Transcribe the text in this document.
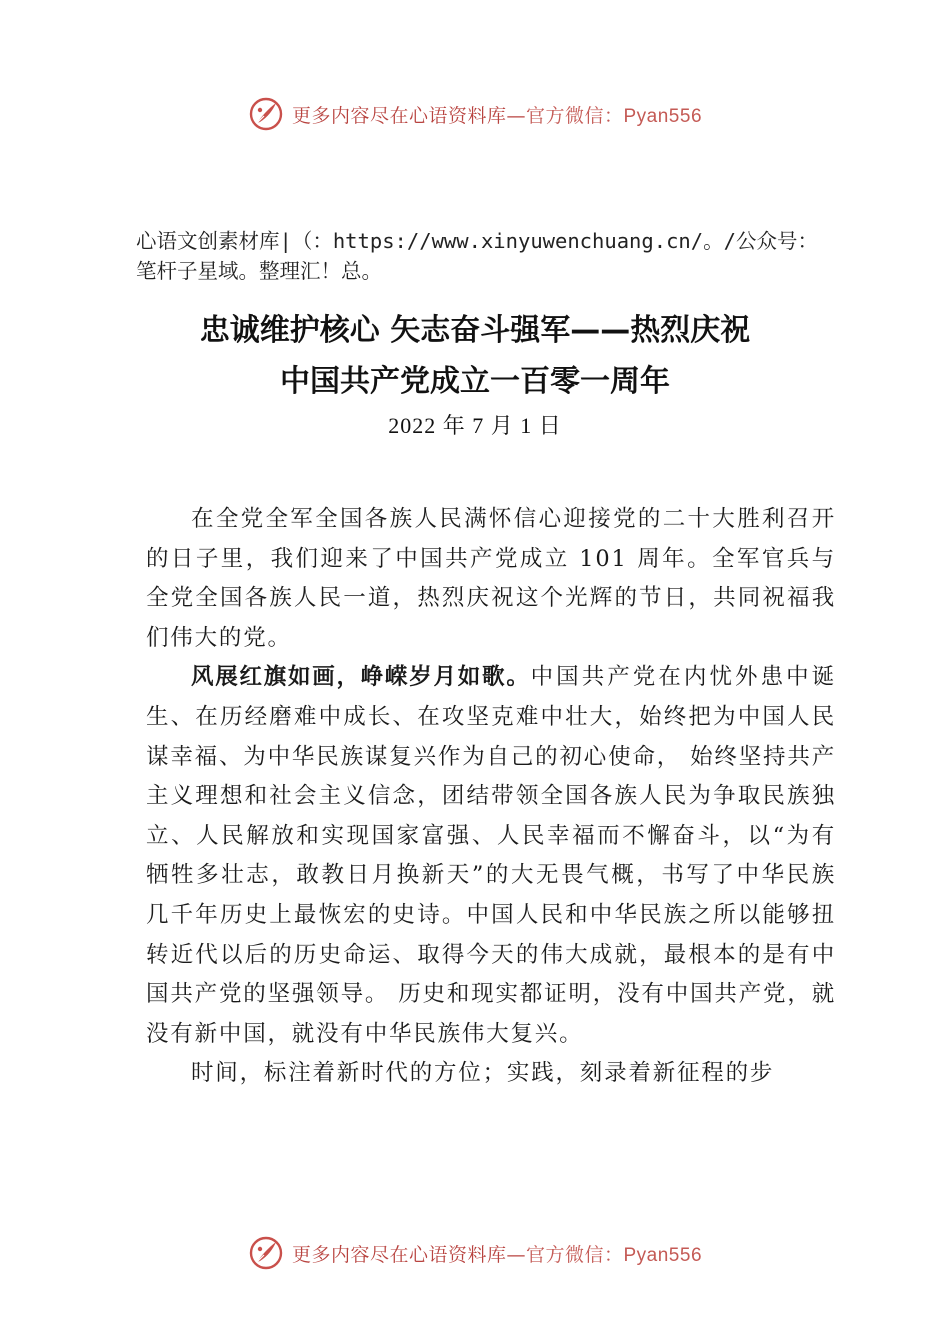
更多内容尽在心语资料库—官方微信：Pyan556
心语文创素材库|（：https://www.xinyuwenchuang.cn/。/公众号：笔杆子星域。整理汇！总。
忠诚维护核心 矢志奋斗强军——热烈庆祝
中国共产党成立一百零一周年
2022 年 7 月 1 日

在全党全军全国各族人民满怀信心迎接党的二十大胜利召开的日子里，我们迎来了中国共产党成立 101 周年。全军官兵与全党全国各族人民一道，热烈庆祝这个光辉的节日，共同祝福我们伟大的党。

风展红旗如画，峥嵘岁月如歌。中国共产党在内忧外患中诞生、在历经磨难中成长、在攻坚克难中壮大，始终把为中国人民谋幸福、为中华民族谋复兴作为自己的初心使命， 始终坚持共产主义理想和社会主义信念，团结带领全国各族人民为争取民族独立、人民解放和实现国家富强、人民幸福而不懈奋斗，以“为有牺牲多壮志，敢教日月换新天”的大无畏气概，书写了中华民族几千年历史上最恢宏的史诗。中国人民和中华民族之所以能够扭转近代以后的历史命运、取得今天的伟大成就，最根本的是有中国共产党的坚强领导。 历史和现实都证明，没有中国共产党，就没有新中国，就没有中华民族伟大复兴。

时间，标注着新时代的方位；实践，刻录着新征程的步

更多内容尽在心语资料库—官方微信：Pyan556
